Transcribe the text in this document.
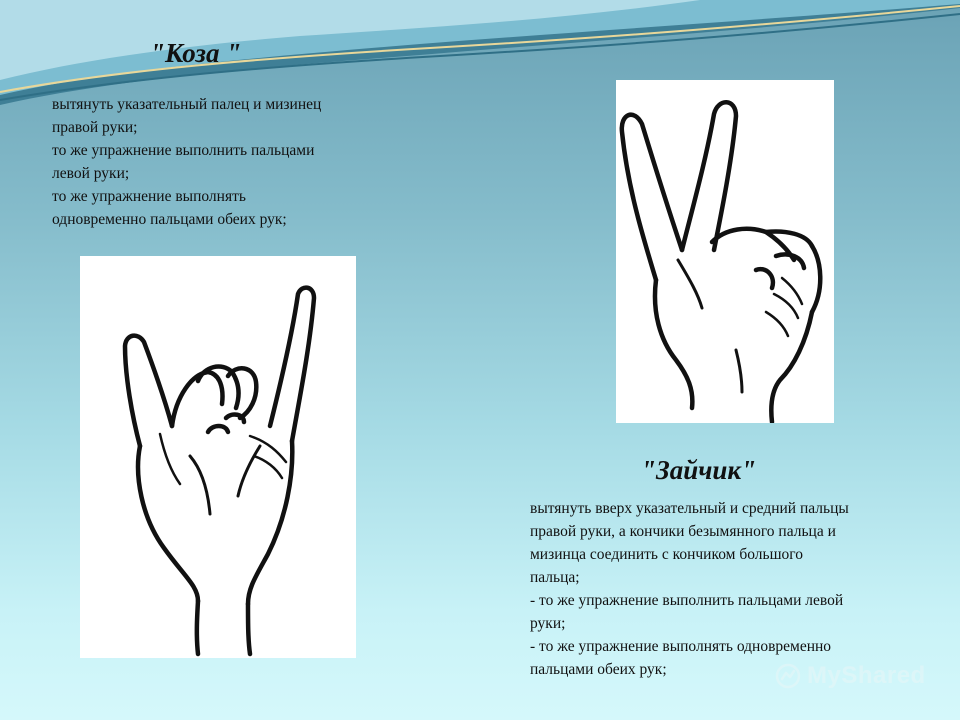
"Коза "
вытянуть указательный палец и мизинец
правой руки;
то же упражнение выполнить пальцами
левой руки;
то же упражнение выполнять
одновременно пальцами обеих рук;
"Зайчик"
вытянуть вверх указательный и средний пальцы
правой руки, а кончики безымянного пальца и
мизинца соединить с кончиком большого
пальца;
- то же упражнение выполнить пальцами левой
руки;
- то же упражнение выполнять одновременно
пальцами обеих рук;	MyShared
